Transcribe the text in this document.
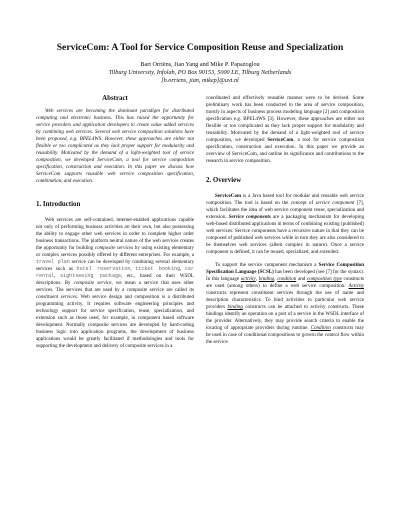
ServiceCom: A Tool for Service Composition Reuse and Specialization
Bart Orriëns, Jian Yang and Mike P. Papazoglou
Tilburg University, Infolab, PO Box 90153, 5000 LE, Tilburg Netherlands
[b.orriens, jian, mikep]@uvt.nl
Abstract

Web services are becoming the dominant paradigm for distributed computing and electronic business. This has raised the opportunity for service providers and application developers to create value added services by combining web services. Several web service composition solutions have been proposed, e.g. BPEL4WS. However, these approaches are either not flexible or too complicated as they lack proper support for modularity and reusability. Motivated by the demand of a light-weighted tool of service composition, we developed ServiceCom, a tool for service composition specification, construction and execution. In this paper we discuss how ServiceCom supports reusable web service composition specification, combination, and execution.

1. Introduction

Web services are self-contained, internet-enabled applications capable not only of performing business activities on their own, but also possessing the ability to engage other web services in order to complete higher order business transactions. The platform neutral nature of the web services creates the opportunity for building composite services by using existing elementary or complex services possibly offered by different enterprises. For example, a travel plan service can be developed by combining several elementary services such as hotel reservation, ticket booking, car rental, sightseeing package, etc., based on their WSDL descriptions. By composite service, we mean a service that uses other services. The services that are used by a composite service are called its constituent services. Web service design and composition is a distributed programming activity. It requires software engineering principles and technology support for service specification, reuse, specialization, and extension such as those used, for example, in component based software development. Normally composite services are developed by hard-coding business logic into application programs, the development of business applications would be greatly facilitated if methodologies and tools for supporting the development and delivery of composite services in a

coordinated and effectively reusable manner were to be devised. Some preliminary work has been conducted in the area of service composition, mostly in aspects of business process modeling language [2] and composition specification e.g. BPEL4WS [3]. However, these approaches are either not flexible or too complicated as they lack proper support for modularity and reusability. Motivated by the demand of a light-weighted tool of service composition, we developed ServiceCom, a tool for service composition specification, construction and execution. In this paper we provide an overview of ServiceCom, and outline its significance and contributions to the research in service composition.

2. Overview

ServiceCom is a Java based tool for modular and reusable web service composition. The tool is based on the concept of service component [7], which facilitates the idea of web service component reuse, specialization and extension. Service components are a packaging mechanism for developing web-based distributed applications in terms of combining existing (published) web services. Service components have a recursive nature in that they can be composed of published web services while in turn they are also considered to be themselves web services (albeit complex in nature). Once a service component is defined, it can be reused, specialized, and extended.

To support the service component mechanism a Service Composition Specification Language (SCSL) has been developed (see [7] for the syntax). In this language activity, binding, condition and composition type constructs are used (among others) to define a web service composition. Activity constructs represent constituent services through the use of name and description characteristics. To bind activities to particular web service providers binding constructs can be attached to activity constructs. These bindings identify an operation on a port of a service in the WSDL interface of the provider. Alternatively, they may provide search criteria to enable the locating of appropriate providers during runtime. Condition constructs may be used in case of conditional compositions to govern the control flow within the service
